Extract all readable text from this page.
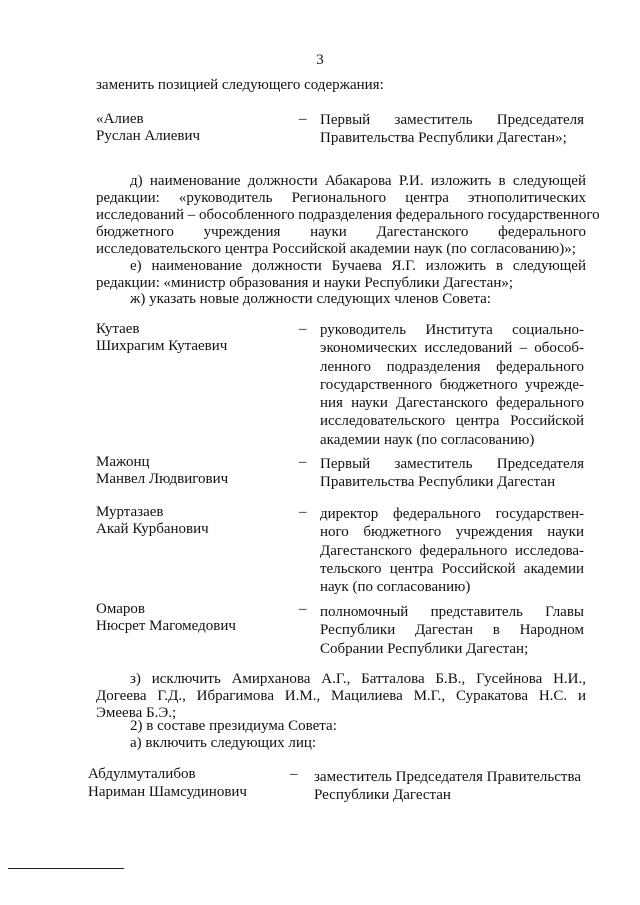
3
заменить позицией следующего содержания:
«Алиев
Руслан Алиевич
– Первый заместитель Председателя
Правительства Республики Дагестан»;
д) наименование должности Абакарова Р.И. изложить в следующей
редакции: «руководитель Регионального центра этнополитических
исследований – обособленного подразделения федерального государственного
бюджетного учреждения науки Дагестанского федерального
исследовательского центра Российской академии наук (по согласованию)»;
е) наименование должности Бучаева Я.Г. изложить в следующей
редакции: «министр образования и науки Республики Дагестан»;
ж) указать новые должности следующих членов Совета:
Кутаев
Шихрагим Кутаевич
– руководитель Института социально-
экономических исследований – обособ-
ленного подразделения федерального
государственного бюджетного учрежде-
ния науки Дагестанского федерального
исследовательского центра Российской
академии наук (по согласованию)
Мажонц
Манвел Людвигович
– Первый заместитель Председателя
Правительства Республики Дагестан
Муртазаев
Акай Курбанович
– директор федерального государствен-
ного бюджетного учреждения науки
Дагестанского федерального исследова-
тельского центра Российской академии
наук (по согласованию)
Омаров
Нюсрет Магомедович
– полномочный представитель Главы
Республики Дагестан в Народном
Собрании Республики Дагестан;
з) исключить Амирханова А.Г., Батталова Б.В., Гусейнова Н.И.,
Догеева Г.Д., Ибрагимова И.М., Мацилиева М.Г., Суракатова Н.С. и
Эмеева Б.Э.;
2) в составе президиума Совета:
а) включить следующих лиц:
Абдулмуталибов
Нариман Шамсудинович
– заместитель Председателя Правительства
Республики Дагестан
